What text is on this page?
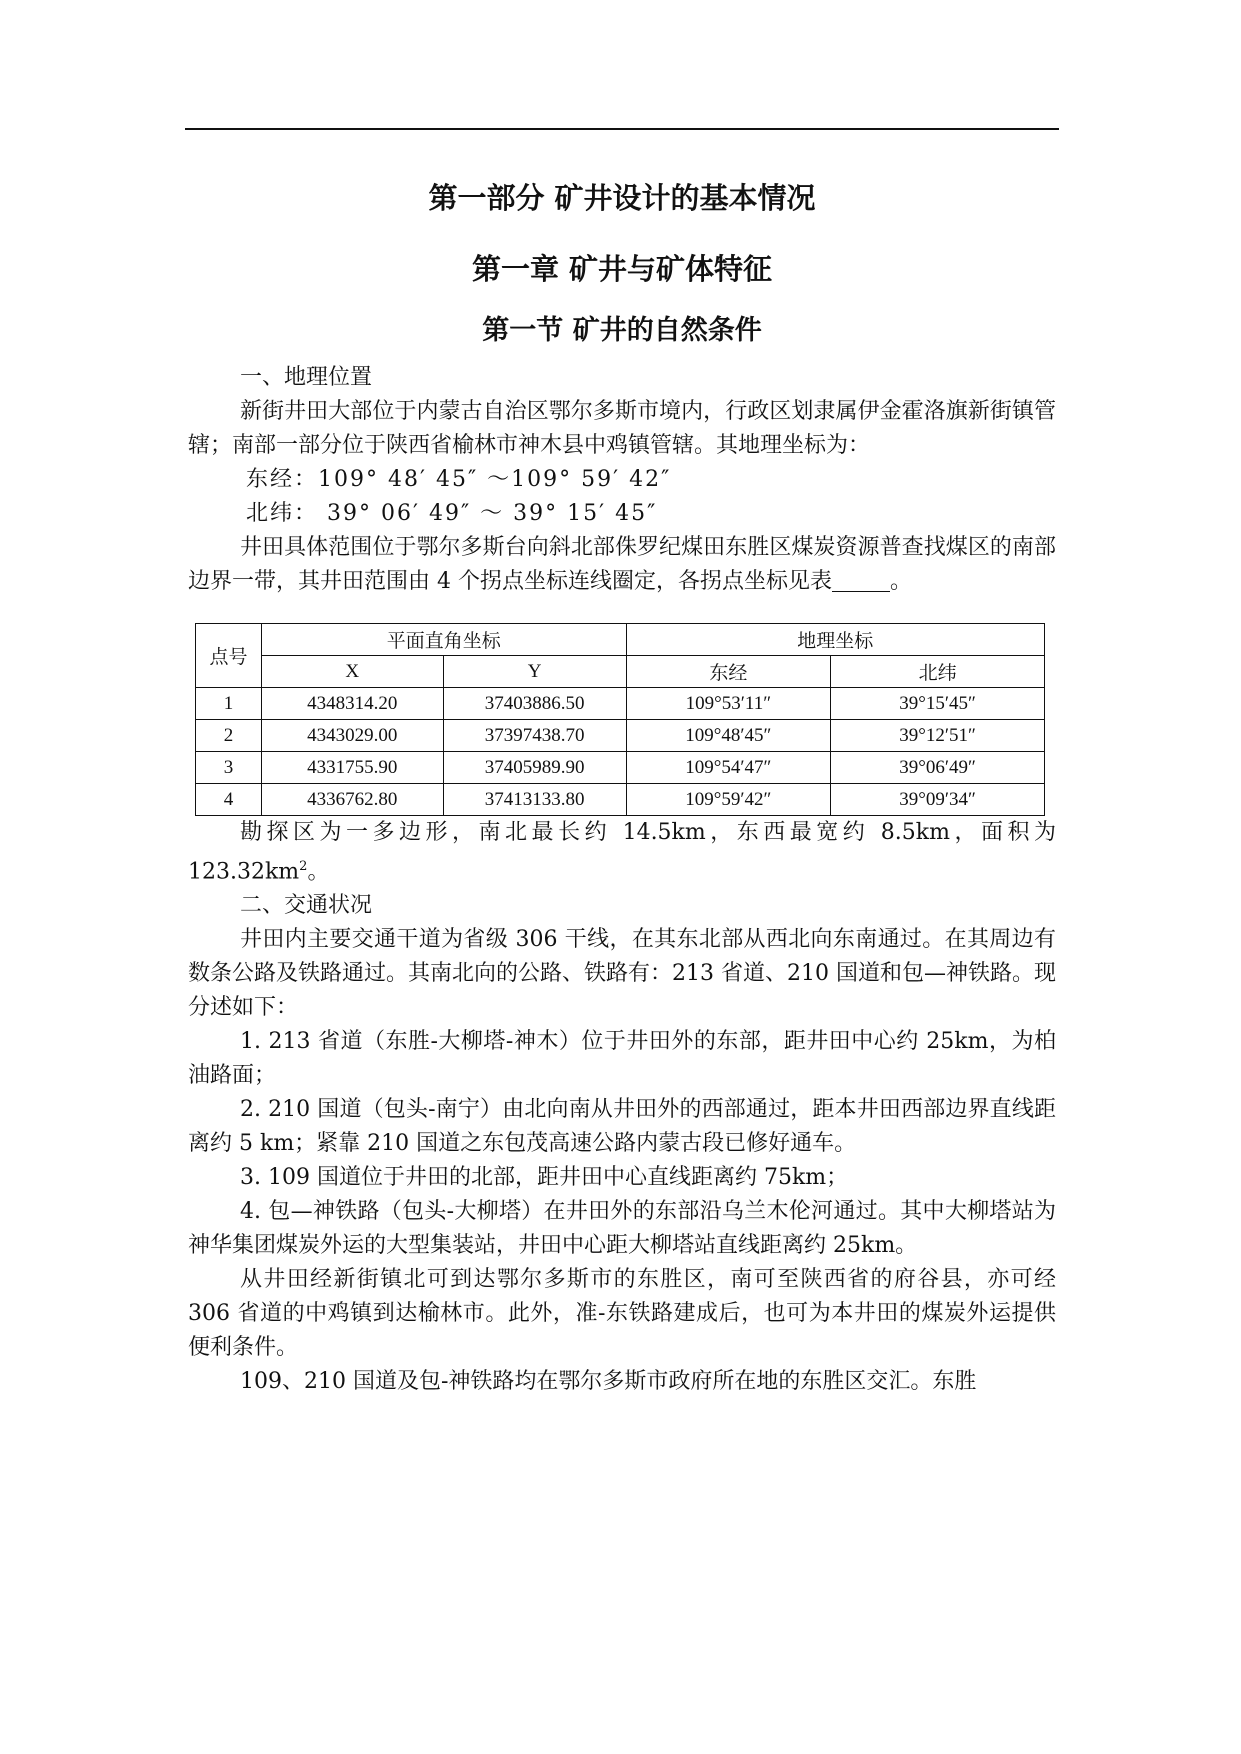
第一部分 矿井设计的基本情况
第一章 矿井与矿体特征
第一节 矿井的自然条件

一、地理位置

新街井田大部位于内蒙古自治区鄂尔多斯市境内，行政区划隶属伊金霍洛旗新街镇管辖；南部一部分位于陕西省榆林市神木县中鸡镇管辖。其地理坐标为：

东经：109° 48′ 45″ ～109° 59′ 42″

北纬： 39° 06′ 49″ ～ 39° 15′ 45″

井田具体范围位于鄂尔多斯台向斜北部侏罗纪煤田东胜区煤炭资源普查找煤区的南部边界一带，其井田范围由 4 个拐点坐标连线圈定，各拐点坐标见表	。

点号	平面直角坐标		地理坐标	
	X	Y	东经	北纬
1	4348314.20	37403886.50	109°53′11″	39°15′45″
2	4343029.00	37397438.70	109°48′45″	39°12′51″
3	4331755.90	37405989.90	109°54′47″	39°06′49″
4	4336762.80	37413133.80	109°59′42″	39°09′34″

勘探区为一多边形，南北最长约 14.5km，东西最宽约 8.5km，面积为 $123.32km^2$。

二、交通状况

井田内主要交通干道为省级 306 干线，在其东北部从西北向东南通过。在其周边有数条公路及铁路通过。其南北向的公路、铁路有：213 省道、210 国道和包—神铁路。现分述如下：

1. 213 省道（东胜-大柳塔-神木）位于井田外的东部，距井田中心约 25km，为柏油路面；

2. 210 国道（包头-南宁）由北向南从井田外的西部通过，距本井田西部边界直线距离约 5 km；紧靠 210 国道之东包茂高速公路内蒙古段已修好通车。

3. 109 国道位于井田的北部，距井田中心直线距离约 75km；

4. 包—神铁路（包头-大柳塔）在井田外的东部沿乌兰木伦河通过。其中大柳塔站为神华集团煤炭外运的大型集装站，井田中心距大柳塔站直线距离约 25km。

从井田经新街镇北可到达鄂尔多斯市的东胜区，南可至陕西省的府谷县，亦可经 306 省道的中鸡镇到达榆林市。此外，准-东铁路建成后，也可为本井田的煤炭外运提供便利条件。

109、210 国道及包-神铁路均在鄂尔多斯市政府所在地的东胜区交汇。东胜
